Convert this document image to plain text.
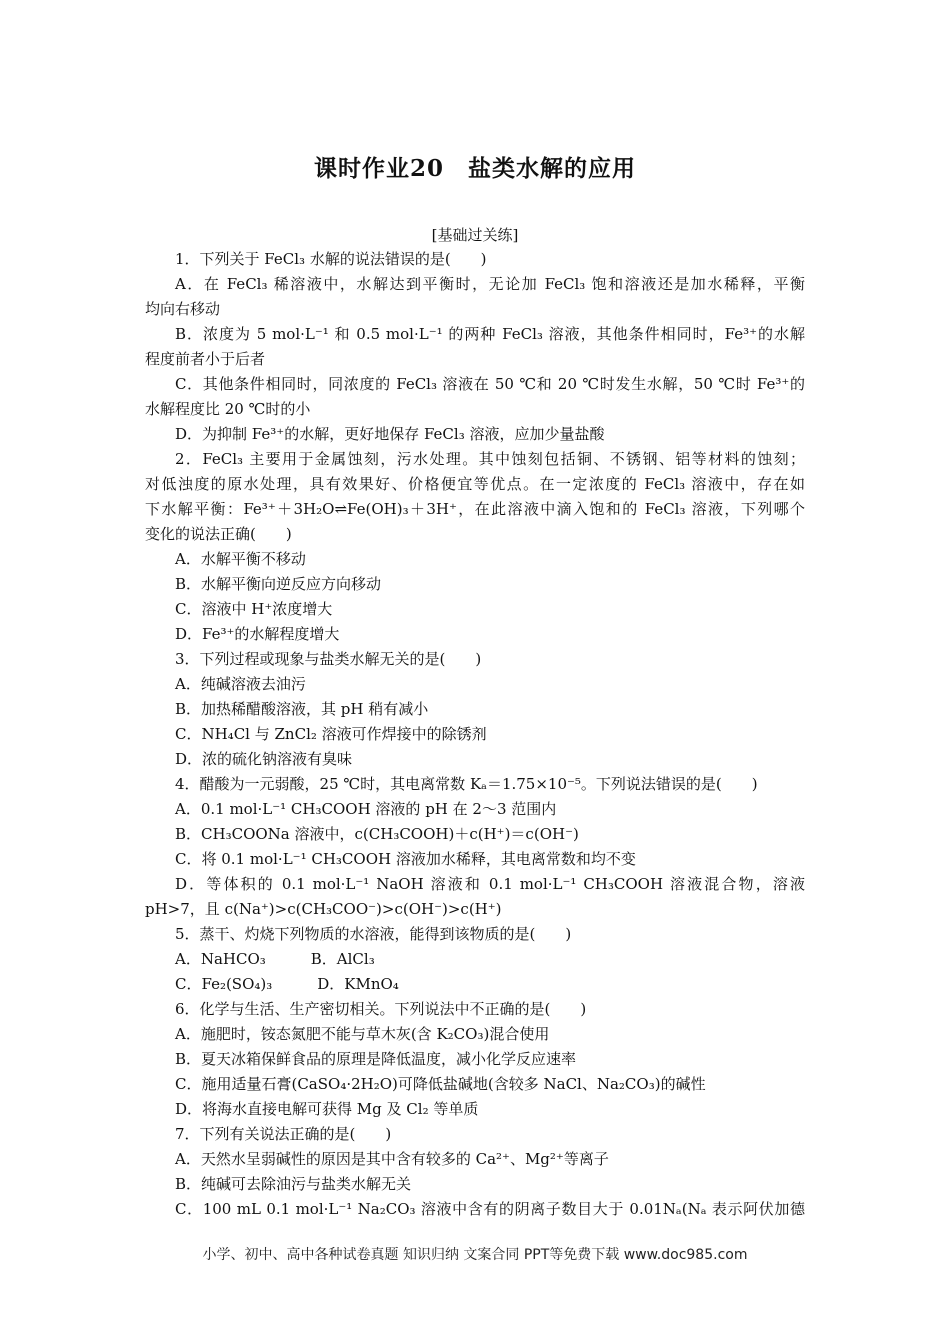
课时作业20　盐类水解的应用
[基础过关练]
1．下列关于 FeCl₃ 水解的说法错误的是(　　)
A．在 FeCl₃ 稀溶液中，水解达到平衡时，无论加 FeCl₃ 饱和溶液还是加水稀释，平衡
均向右移动
B．浓度为 5 mol·L⁻¹ 和 0.5 mol·L⁻¹ 的两种 FeCl₃ 溶液，其他条件相同时，Fe³⁺的水解
程度前者小于后者
C．其他条件相同时，同浓度的 FeCl₃ 溶液在 50 ℃和 20 ℃时发生水解，50 ℃时 Fe³⁺的
水解程度比 20 ℃时的小
D．为抑制 Fe³⁺的水解，更好地保存 FeCl₃ 溶液，应加少量盐酸
2．FeCl₃ 主要用于金属蚀刻，污水处理。其中蚀刻包括铜、不锈钢、铝等材料的蚀刻；
对低浊度的原水处理，具有效果好、价格便宜等优点。在一定浓度的 FeCl₃ 溶液中，存在如
下水解平衡：Fe³⁺＋3H₂O⇌Fe(OH)₃＋3H⁺，在此溶液中滴入饱和的 FeCl₃ 溶液，下列哪个
变化的说法正确(　　)
A．水解平衡不移动
B．水解平衡向逆反应方向移动
C．溶液中 H⁺浓度增大
D．Fe³⁺的水解程度增大
3．下列过程或现象与盐类水解无关的是(　　)
A．纯碱溶液去油污
B．加热稀醋酸溶液，其 pH 稍有减小
C．NH₄Cl 与 ZnCl₂ 溶液可作焊接中的除锈剂
D．浓的硫化钠溶液有臭味
4．醋酸为一元弱酸，25 ℃时，其电离常数 Kₐ＝1.75×10⁻⁵。下列说法错误的是(　　)
A．0.1 mol·L⁻¹ CH₃COOH 溶液的 pH 在 2～3 范围内
B．CH₃COONa 溶液中，c(CH₃COOH)＋c(H⁺)＝c(OH⁻)
C．将 0.1 mol·L⁻¹ CH₃COOH 溶液加水稀释，其电离常数和均不变
D．等体积的 0.1 mol·L⁻¹ NaOH 溶液和 0.1 mol·L⁻¹ CH₃COOH 溶液混合物，溶液
pH>7，且 c(Na⁺)>c(CH₃COO⁻)>c(OH⁻)>c(H⁺)
5．蒸干、灼烧下列物质的水溶液，能得到该物质的是(　　)
A．NaHCO₃　　　B．AlCl₃
C．Fe₂(SO₄)₃　　　D．KMnO₄
6．化学与生活、生产密切相关。下列说法中不正确的是(　　)
A．施肥时，铵态氮肥不能与草木灰(含 K₂CO₃)混合使用
B．夏天冰箱保鲜食品的原理是降低温度，减小化学反应速率
C．施用适量石膏(CaSO₄·2H₂O)可降低盐碱地(含较多 NaCl、Na₂CO₃)的碱性
D．将海水直接电解可获得 Mg 及 Cl₂ 等单质
7．下列有关说法正确的是(　　)
A．天然水呈弱碱性的原因是其中含有较多的 Ca²⁺、Mg²⁺等离子
B．纯碱可去除油污与盐类水解无关
C．100 mL 0.1 mol·L⁻¹ Na₂CO₃ 溶液中含有的阴离子数目大于 0.01Nₐ(Nₐ 表示阿伏加德
小学、初中、高中各种试卷真题 知识归纳 文案合同 PPT等免费下载 www.doc985.com
